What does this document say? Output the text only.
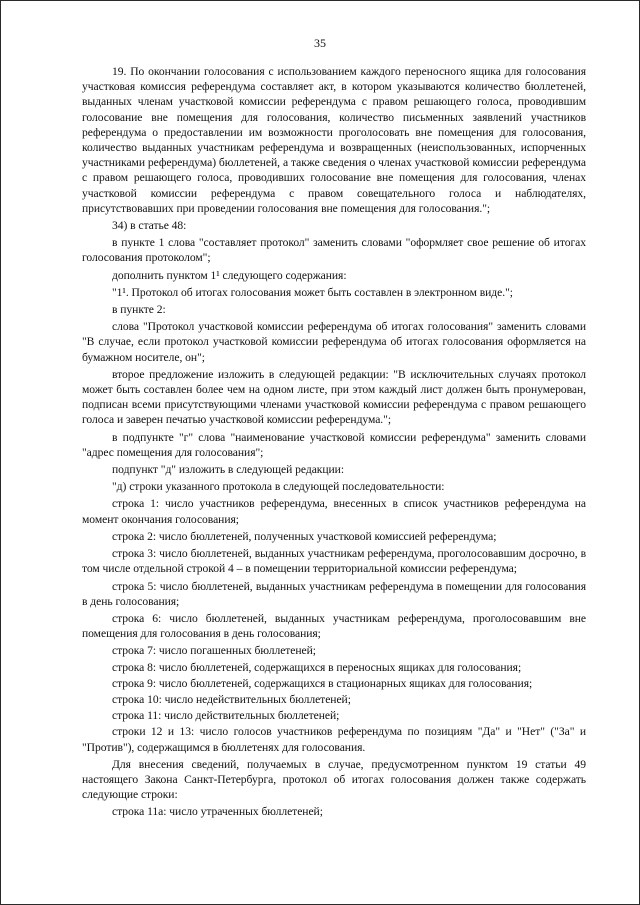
35

19. По окончании голосования с использованием каждого переносного ящика для голосования участковая комиссия референдума составляет акт, в котором указываются количество бюллетеней, выданных членам участковой комиссии референдума с правом решающего голоса, проводившим голосование вне помещения для голосования, количество письменных заявлений участников референдума о предоставлении им возможности проголосовать вне помещения для голосования, количество выданных участникам референдума и возвращенных (неиспользованных, испорченных участниками референдума) бюллетеней, а также сведения о членах участковой комиссии референдума с правом решающего голоса, проводивших голосование вне помещения для голосования, членах участковой комиссии референдума с правом совещательного голоса и наблюдателях, присутствовавших при проведении голосования вне помещения для голосования.";

34) в статье 48:

в пункте 1 слова "составляет протокол" заменить словами "оформляет свое решение об итогах голосования протоколом";

дополнить пунктом 1¹ следующего содержания:

"1¹. Протокол об итогах голосования может быть составлен в электронном виде.";

в пункте 2:

слова "Протокол участковой комиссии референдума об итогах голосования" заменить словами "В случае, если протокол участковой комиссии референдума об итогах голосования оформляется на бумажном носителе, он";

второе предложение изложить в следующей редакции: "В исключительных случаях протокол может быть составлен более чем на одном листе, при этом каждый лист должен быть пронумерован, подписан всеми присутствующими членами участковой комиссии референдума с правом решающего голоса и заверен печатью участковой комиссии референдума.";

в подпункте "г" слова "наименование участковой комиссии референдума" заменить словами "адрес помещения для голосования";

подпункт "д" изложить в следующей редакции:

"д) строки указанного протокола в следующей последовательности:

строка 1: число участников референдума, внесенных в список участников референдума на момент окончания голосования;

строка 2: число бюллетеней, полученных участковой комиссией референдума;

строка 3: число бюллетеней, выданных участникам референдума, проголосовавшим досрочно, в том числе отдельной строкой 4 – в помещении территориальной комиссии референдума;

строка 5: число бюллетеней, выданных участникам референдума в помещении для голосования в день голосования;

строка 6: число бюллетеней, выданных участникам референдума, проголосовавшим вне помещения для голосования в день голосования;

строка 7: число погашенных бюллетеней;

строка 8: число бюллетеней, содержащихся в переносных ящиках для голосования;

строка 9: число бюллетеней, содержащихся в стационарных ящиках для голосования;

строка 10: число недействительных бюллетеней;

строка 11: число действительных бюллетеней;

строки 12 и 13: число голосов участников референдума по позициям "Да" и "Нет" ("За" и "Против"), содержащимся в бюллетенях для голосования.

Для внесения сведений, получаемых в случае, предусмотренном пунктом 19 статьи 49 настоящего Закона Санкт-Петербурга, протокол об итогах голосования должен также содержать следующие строки:

строка 11а: число утраченных бюллетеней;
